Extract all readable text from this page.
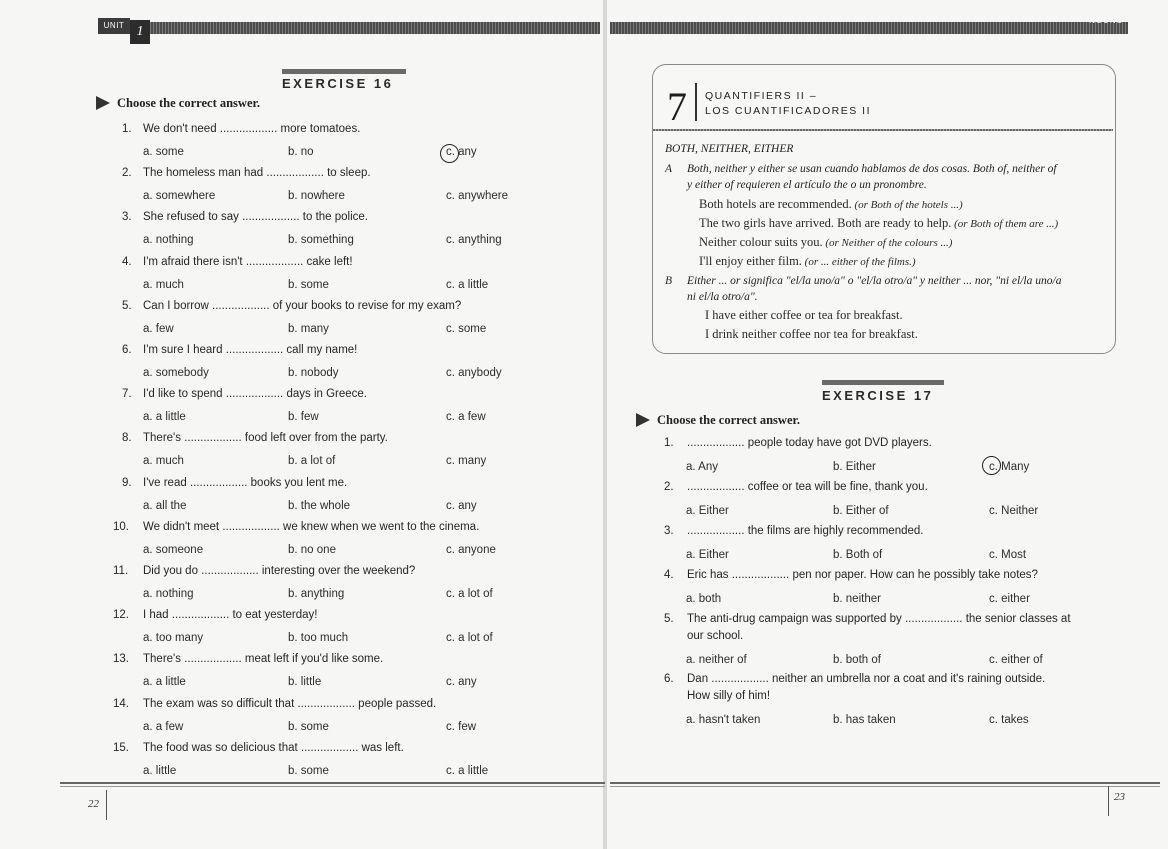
UNIT 1
NOUNS
EXERCISE 16
Choose the correct answer.
1. We don't need .................. more tomatoes.
a. some	b. no	c. any
2. The homeless man had .................. to sleep.
a. somewhere	b. nowhere	c. anywhere
3. She refused to say .................. to the police.
a. nothing	b. something	c. anything
4. I'm afraid there isn't .................. cake left!
a. much	b. some	c. a little
5. Can I borrow .................. of your books to revise for my exam?
a. few	b. many	c. some
6. I'm sure I heard .................. call my name!
a. somebody	b. nobody	c. anybody
7. I'd like to spend .................. days in Greece.
a. a little	b. few	c. a few
8. There's .................. food left over from the party.
a. much	b. a lot of	c. many
9. I've read .................. books you lent me.
a. all the	b. the whole	c. any
10. We didn't meet .................. we knew when we went to the cinema.
a. someone	b. no one	c. anyone
11. Did you do .................. interesting over the weekend?
a. nothing	b. anything	c. a lot of
12. I had .................. to eat yesterday!
a. too many	b. too much	c. a lot of
13. There's .................. meat left if you'd like some.
a. a little	b. little	c. any
14. The exam was so difficult that .................. people passed.
a. a few	b. some	c. few
15. The food was so delicious that .................. was left.
a. little	b. some	c. a little
7 QUANTIFIERS II –
LOS CUANTIFICADORES II
BOTH, NEITHER, EITHER
A Both, neither y either se usan cuando hablamos de dos cosas. Both of, neither of
y either of requieren el artículo the o un pronombre.
Both hotels are recommended. (or Both of the hotels ...)
The two girls have arrived. Both are ready to help. (or Both of them are ...)
Neither colour suits you. (or Neither of the colours ...)
I'll enjoy either film. (or ... either of the films.)
B Either ... or significa "el/la uno/a" o "el/la otro/a" y neither ... nor, "ni el/la uno/a
ni el/la otro/a".
I have either coffee or tea for breakfast.
I drink neither coffee nor tea for breakfast.
EXERCISE 17
Choose the correct answer.
1. .................. people today have got DVD players.
a. Any	b. Either	c. Many
2. .................. coffee or tea will be fine, thank you.
a. Either	b. Either of	c. Neither
3. .................. the films are highly recommended.
a. Either	b. Both of	c. Most
4. Eric has .................. pen nor paper. How can he possibly take notes?
a. both	b. neither	c. either
5. The anti-drug campaign was supported by .................. the senior classes at
our school.
a. neither of	b. both of	c. either of
6. Dan .................. neither an umbrella nor a coat and it's raining outside.
How silly of him!
a. hasn't taken	b. has taken	c. takes
22
23
